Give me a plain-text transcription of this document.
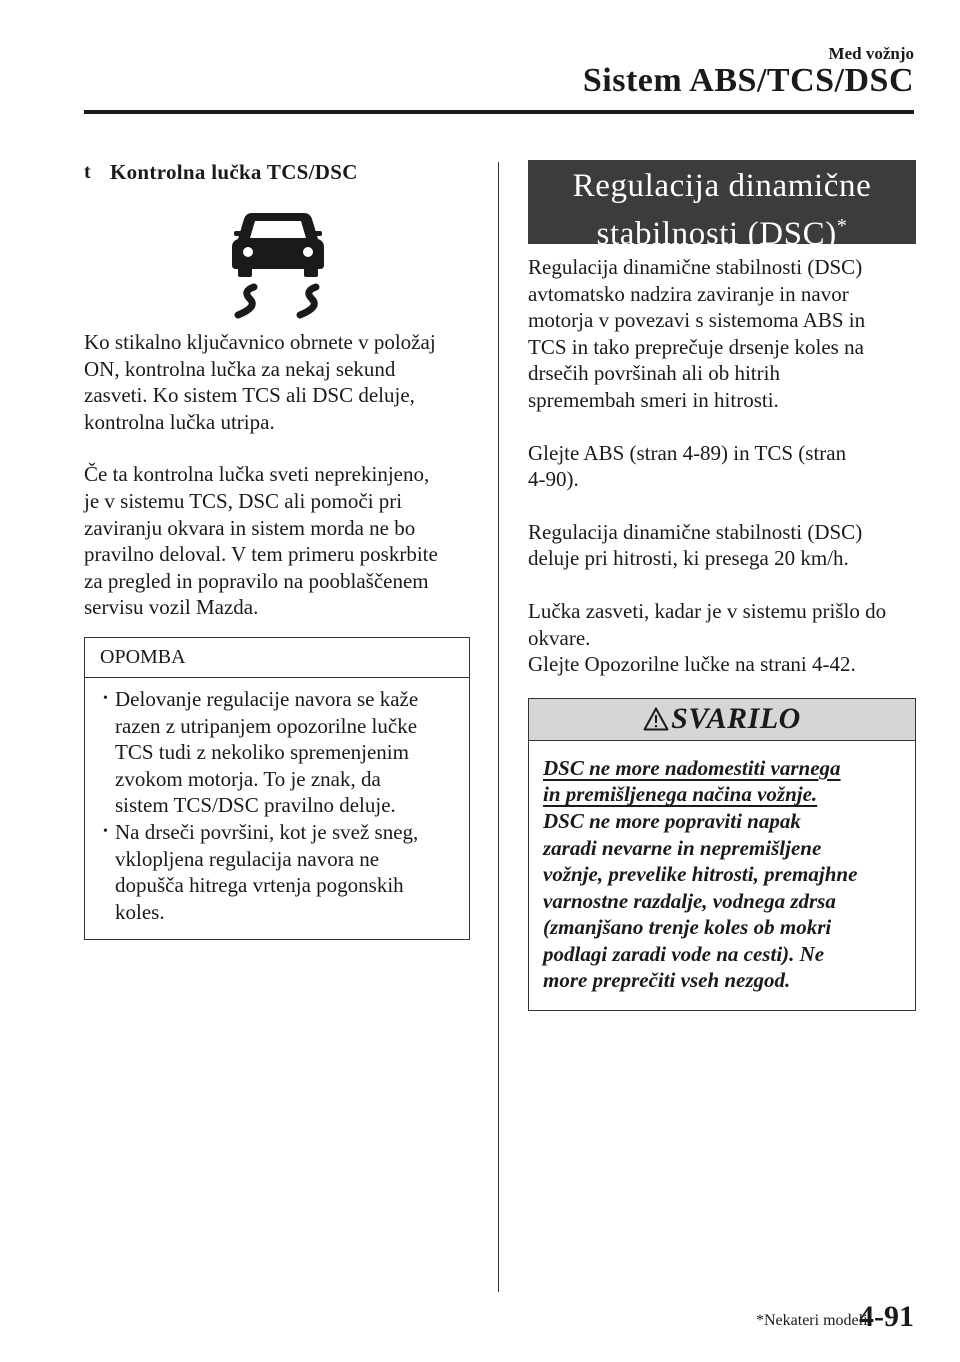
Med vožnjo
Sistem ABS/TCS/DSC
t Kontrolna lučka TCS/DSC
Ko stikalno ključavnico obrnete v položaj
ON, kontrolna lučka za nekaj sekund
zasveti. Ko sistem TCS ali DSC deluje,
kontrolna lučka utripa.
Če ta kontrolna lučka sveti neprekinjeno,
je v sistemu TCS, DSC ali pomoči pri
zaviranju okvara in sistem morda ne bo
pravilno deloval. V tem primeru poskrbite
za pregled in popravilo na pooblaščenem
servisu vozil Mazda.
OPOMBA
• Delovanje regulacije navora se kaže
razen z utripanjem opozorilne lučke
TCS tudi z nekoliko spremenjenim
zvokom motorja. To je znak, da
sistem TCS/DSC pravilno deluje.
• Na drseči površini, kot je svež sneg,
vklopljena regulacija navora ne
dopušča hitrega vrtenja pogonskih
koles.
Regulacija dinamične
stabilnosti (DSC)*
Regulacija dinamične stabilnosti (DSC)
avtomatsko nadzira zaviranje in navor
motorja v povezavi s sistemoma ABS in
TCS in tako preprečuje drsenje koles na
drsečih površinah ali ob hitrih
spremembah smeri in hitrosti.
Glejte ABS (stran 4-89) in TCS (stran
4-90).
Regulacija dinamične stabilnosti (DSC)
deluje pri hitrosti, ki presega 20 km/h.
Lučka zasveti, kadar je v sistemu prišlo do
okvare.
Glejte Opozorilne lučke na strani 4-42.
SVARILO
DSC ne more nadomestiti varnega
in premišljenega načina vožnje.
DSC ne more popraviti napak
zaradi nevarne in nepremišljene
vožnje, prevelike hitrosti, premajhne
varnostne razdalje, vodnega zdrsa
(zmanjšano trenje koles ob mokri
podlagi zaradi vode na cesti). Ne
more preprečiti vseh nezgod.
*Nekateri modeli.
4-91
